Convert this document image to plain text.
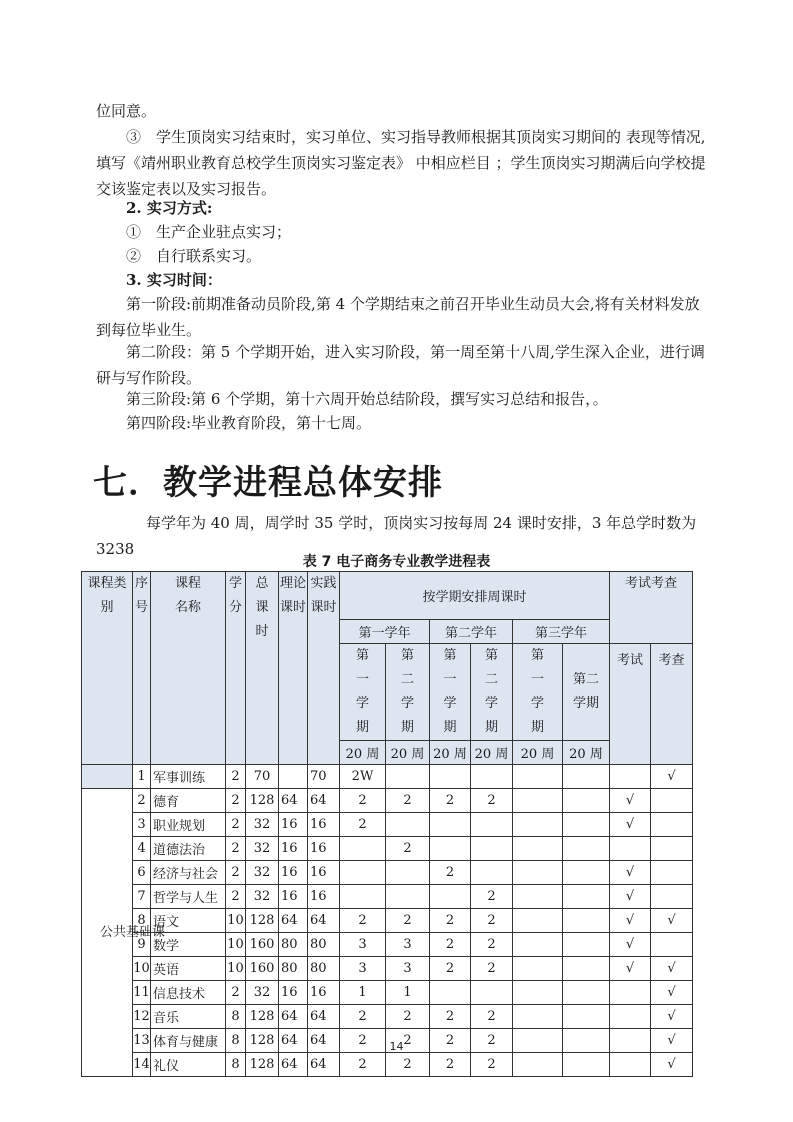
位同意。

③　学生顶岗实习结束时，实习单位、实习指导教师根据其顶岗实习期间的 表现等情况,填写《靖州职业教育总校学生顶岗实习鉴定表》 中相应栏目 ；学生顶岗实习期满后向学校提交该鉴定表以及实习报告。

2. 实习方式:

①　生产企业驻点实习；

②　自行联系实习。

3. 实习时间：

第一阶段:前期准备动员阶段,第 4 个学期结束之前召开毕业生动员大会,将有关材料发放到每位毕业生。

第二阶段：第 5 个学期开始，进入实习阶段，第一周至第十八周,学生深入企业，进行调研与写作阶段。

第三阶段:第 6 个学期，第十六周开始总结阶段，撰写实习总结和报告，。

第四阶段:毕业教育阶段，第十七周。

七．教学进程总体安排

每学年为 40 周，周学时 35 学时，顶岗实习按每周 24 课时安排，3 年总学时数为3238

表 7 电子商务专业教学进程表

课程类别	序号	课程名称	学分	总课时	理论课时	实践课时	按学期安排周课时						考试考查	
							第一学年		第二学年		第三学年			
							第一学期	第二学期	第一学期	第二学期	第一学期	第二学期	考试	考查
							20 周	20 周	20 周	20 周	20 周	20 周		
	1	军事训练	2	70		70	2W							√
公共基础课	2	德育	2	128	64	64	2	2	2	2			√	
	3	职业规划	2	32	16	16	2						√	
	4	道德法治	2	32	16	16		2						
	6	经济与社会	2	32	16	16			2				√	
	7	哲学与人生	2	32	16	16				2			√	
	8	语文	10	128	64	64	2	2	2	2			√	√
	9	数学	10	160	80	80	3	3	2	2			√	
	10	英语	10	160	80	80	3	3	2	2			√	√
	11	信息技术	2	32	16	16	1	1						√
	12	音乐	8	128	64	64	2	2	2	2				√
	13	体育与健康	8	128	64	64	2	2	2	2				√
	14	礼仪	8	128	64	64	2	2	2	2				√

14
